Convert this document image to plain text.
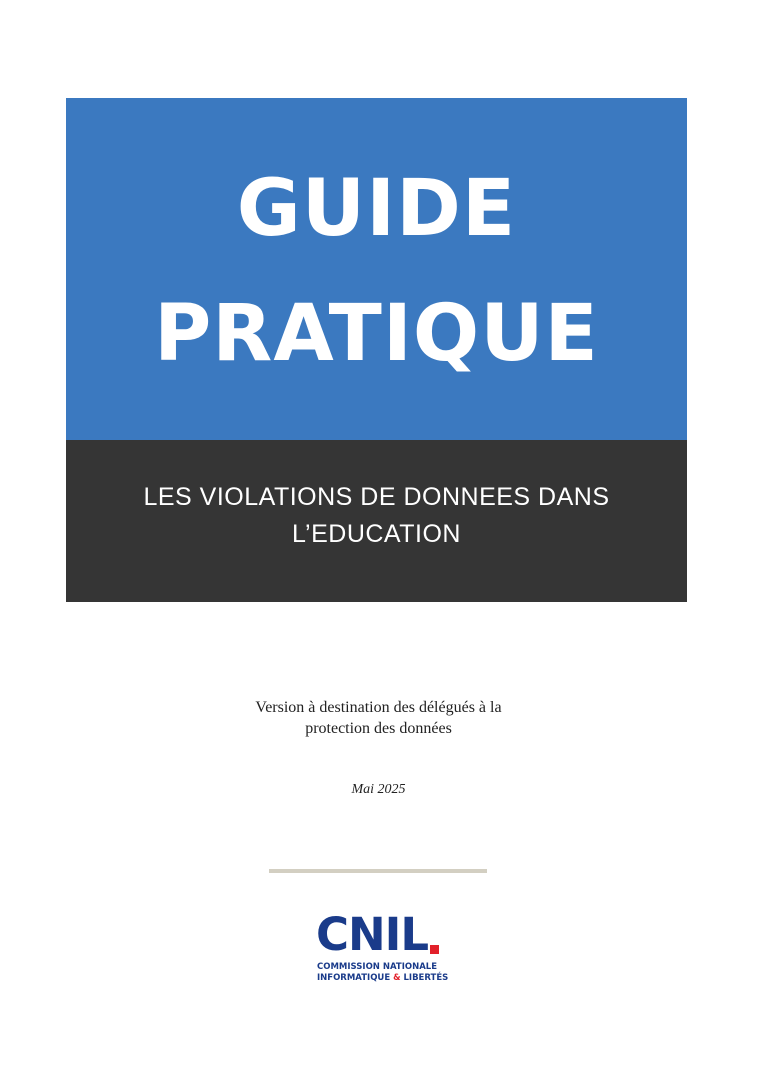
GUIDE
PRATIQUE
LES VIOLATIONS DE DONNEES DANS
L’EDUCATION
Version à destination des délégués à la
protection des données
Mai 2025
CNIL
COMMISSION NATIONALE
INFORMATIQUE & LIBERTÉS
